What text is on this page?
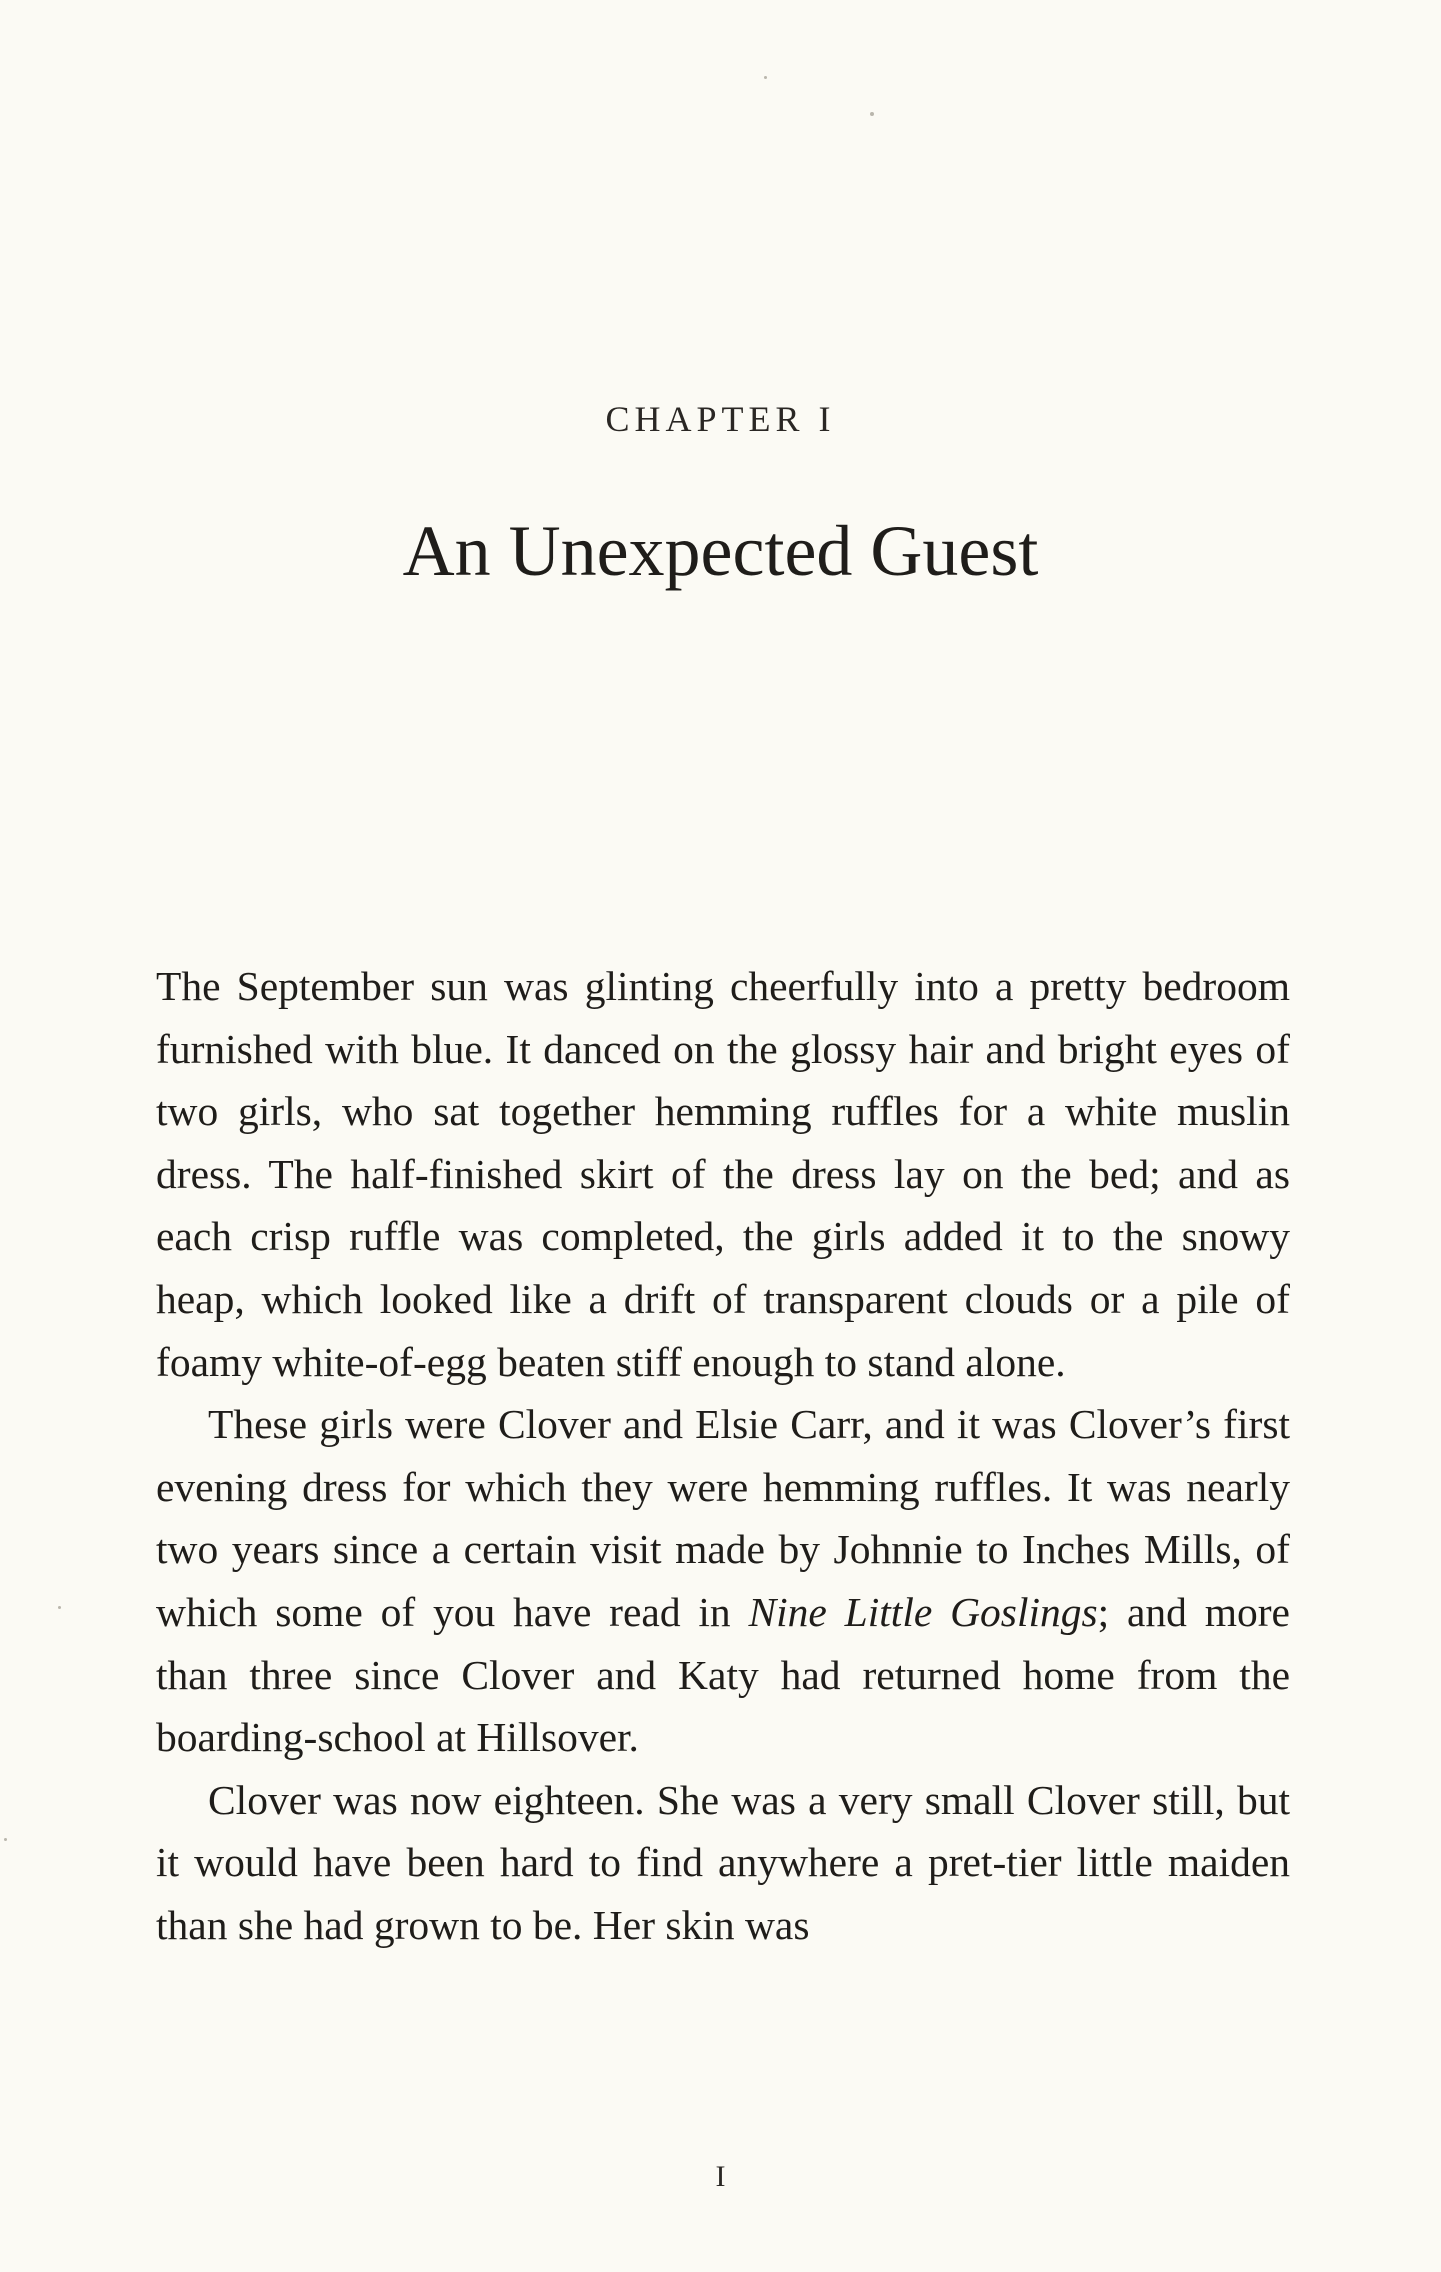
CHAPTER I
An Unexpected Guest

The September sun was glinting cheerfully into a pretty bedroom furnished with blue. It danced on the glossy hair and bright eyes of two girls, who sat together hemming ruffles for a white muslin dress. The half-finished skirt of the dress lay on the bed; and as each crisp ruffle was completed, the girls added it to the snowy heap, which looked like a drift of transparent clouds or a pile of foamy white-of-egg beaten stiff enough to stand alone.

These girls were Clover and Elsie Carr, and it was Clover’s first evening dress for which they were hemming ruffles. It was nearly two years since a certain visit made by Johnnie to Inches Mills, of which some of you have read in Nine Little Goslings; and more than three since Clover and Katy had returned home from the boarding-school at Hillsover.

Clover was now eighteen. She was a very small Clover still, but it would have been hard to find anywhere a pret-tier little maiden than she had grown to be. Her skin was

I
